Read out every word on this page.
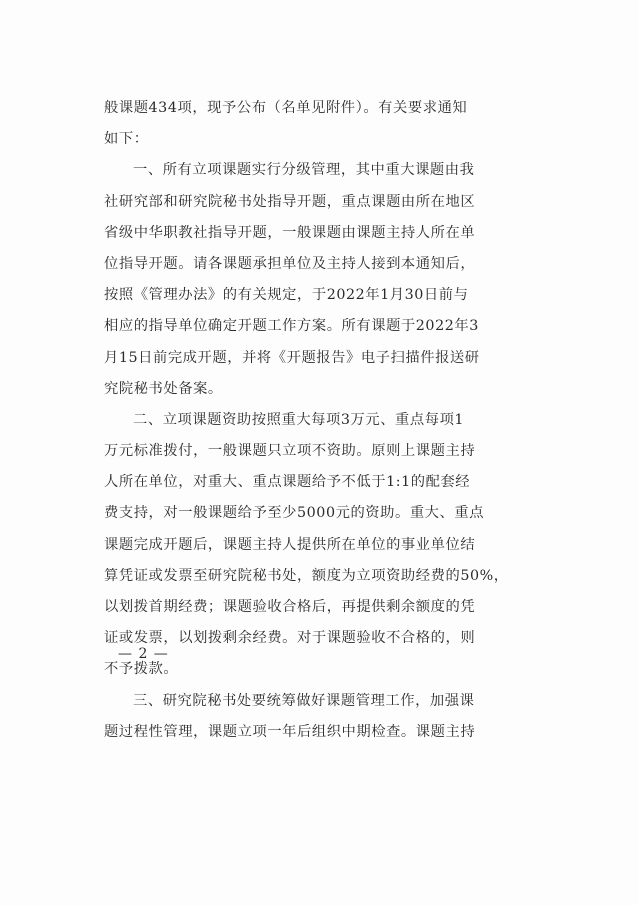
般课题434项，现予公布（名单见附件）。有关要求通知
如下：
一、所有立项课题实行分级管理，其中重大课题由我
社研究部和研究院秘书处指导开题，重点课题由所在地区
省级中华职教社指导开题，一般课题由课题主持人所在单
位指导开题。请各课题承担单位及主持人接到本通知后，
按照《管理办法》的有关规定，于2022年1月30日前与
相应的指导单位确定开题工作方案。所有课题于2022年3
月15日前完成开题，并将《开题报告》电子扫描件报送研
究院秘书处备案。
二、立项课题资助按照重大每项3万元、重点每项1
万元标准拨付，一般课题只立项不资助。原则上课题主持
人所在单位，对重大、重点课题给予不低于1:1的配套经
费支持，对一般课题给予至少5000元的资助。重大、重点
课题完成开题后，课题主持人提供所在单位的事业单位结
算凭证或发票至研究院秘书处，额度为立项资助经费的50%，
以划拨首期经费；课题验收合格后，再提供剩余额度的凭
证或发票，以划拨剩余经费。对于课题验收不合格的，则
不予拨款。
三、研究院秘书处要统筹做好课题管理工作，加强课
题过程性管理，课题立项一年后组织中期检查。课题主持
— 2 —
